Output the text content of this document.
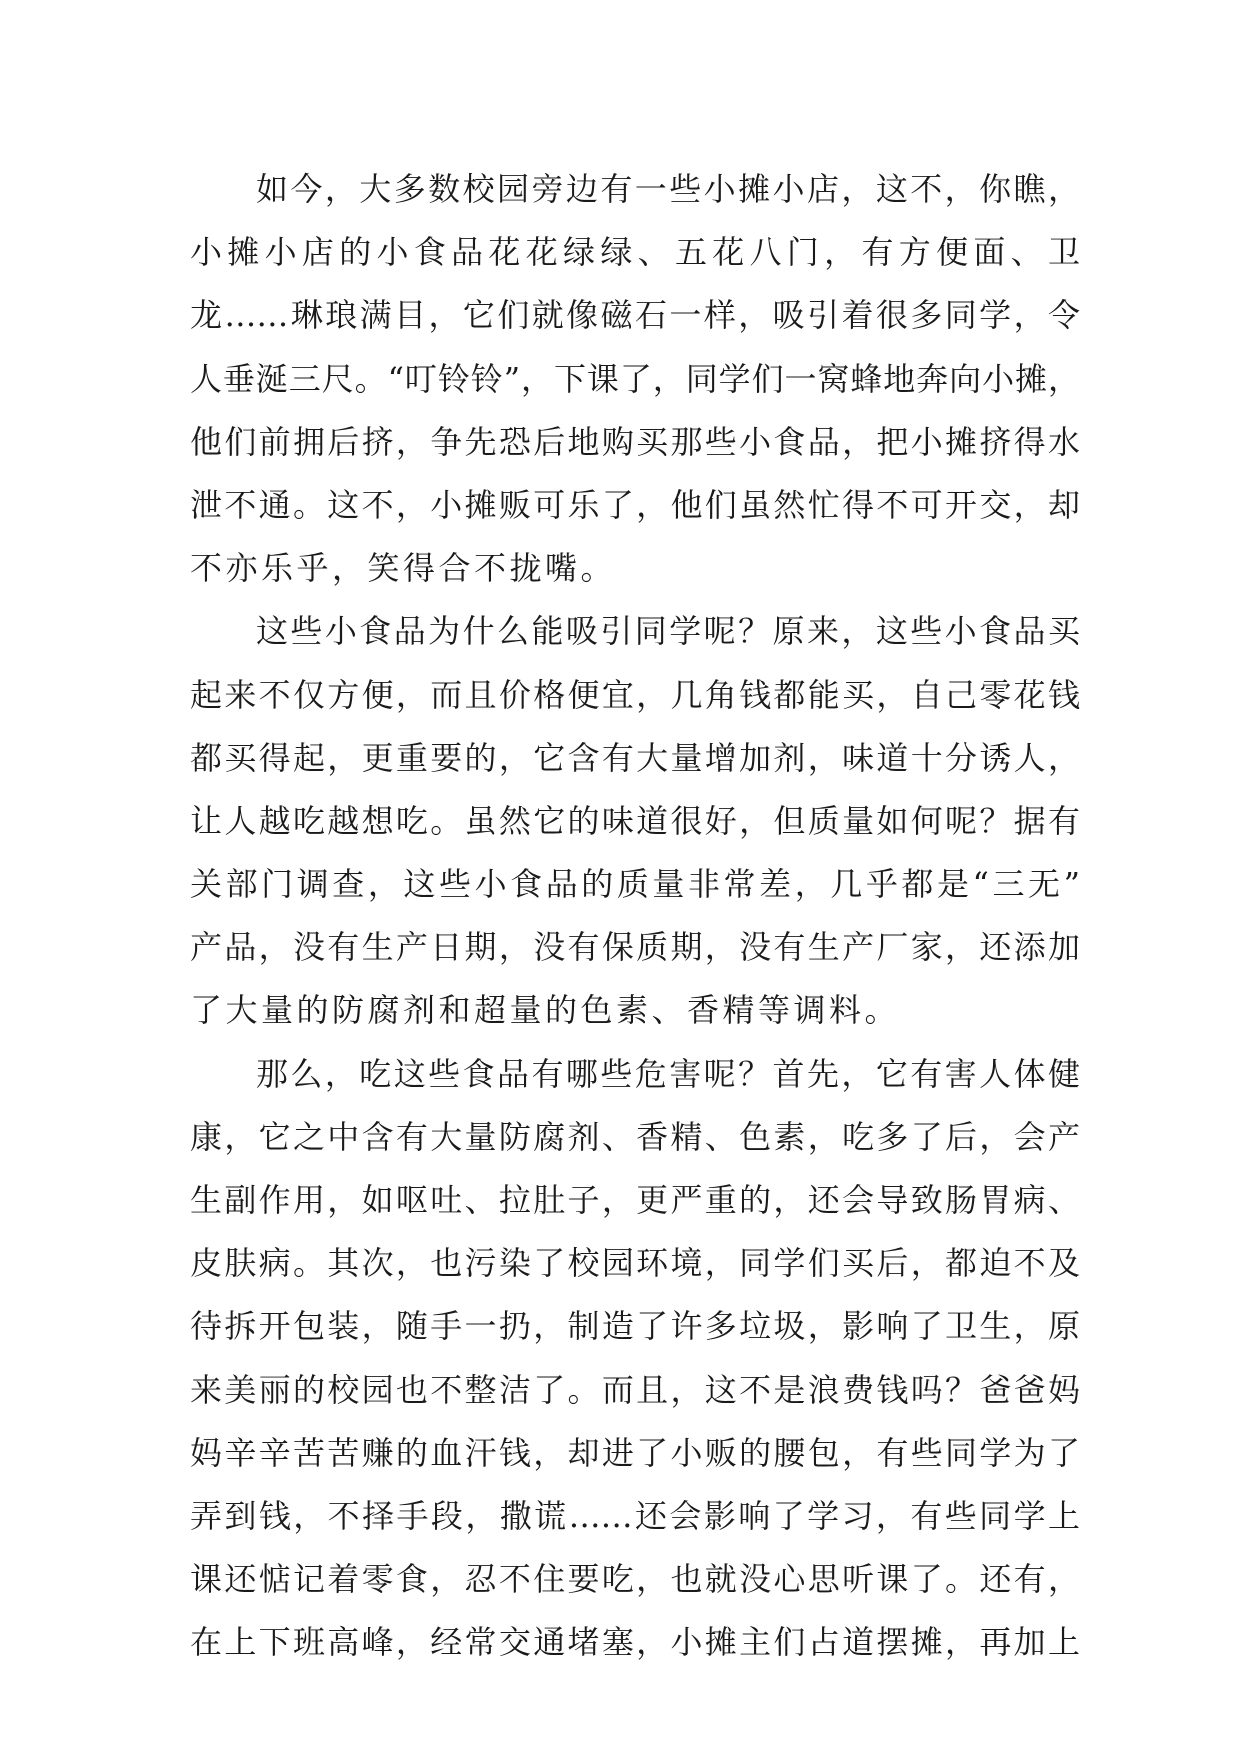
如今，大多数校园旁边有一些小摊小店，这不，你瞧，
小摊小店的小食品花花绿绿、五花八门，有方便面、卫
龙……琳琅满目，它们就像磁石一样，吸引着很多同学，令
人垂涎三尺。“叮铃铃”，下课了，同学们一窝蜂地奔向小摊，
他们前拥后挤，争先恐后地购买那些小食品，把小摊挤得水
泄不通。这不，小摊贩可乐了，他们虽然忙得不可开交，却
不亦乐乎，笑得合不拢嘴。
这些小食品为什么能吸引同学呢？原来，这些小食品买
起来不仅方便，而且价格便宜，几角钱都能买，自己零花钱
都买得起，更重要的，它含有大量增加剂，味道十分诱人，
让人越吃越想吃。虽然它的味道很好，但质量如何呢？据有
关部门调查，这些小食品的质量非常差，几乎都是“三无”
产品，没有生产日期，没有保质期，没有生产厂家，还添加
了大量的防腐剂和超量的色素、香精等调料。
那么，吃这些食品有哪些危害呢？首先，它有害人体健
康，它之中含有大量防腐剂、香精、色素，吃多了后，会产
生副作用，如呕吐、拉肚子，更严重的，还会导致肠胃病、
皮肤病。其次，也污染了校园环境，同学们买后，都迫不及
待拆开包装，随手一扔，制造了许多垃圾，影响了卫生，原
来美丽的校园也不整洁了。而且，这不是浪费钱吗？爸爸妈
妈辛辛苦苦赚的血汗钱，却进了小贩的腰包，有些同学为了
弄到钱，不择手段，撒谎……还会影响了学习，有些同学上
课还惦记着零食，忍不住要吃，也就没心思听课了。还有，
在上下班高峰，经常交通堵塞，小摊主们占道摆摊，再加上
